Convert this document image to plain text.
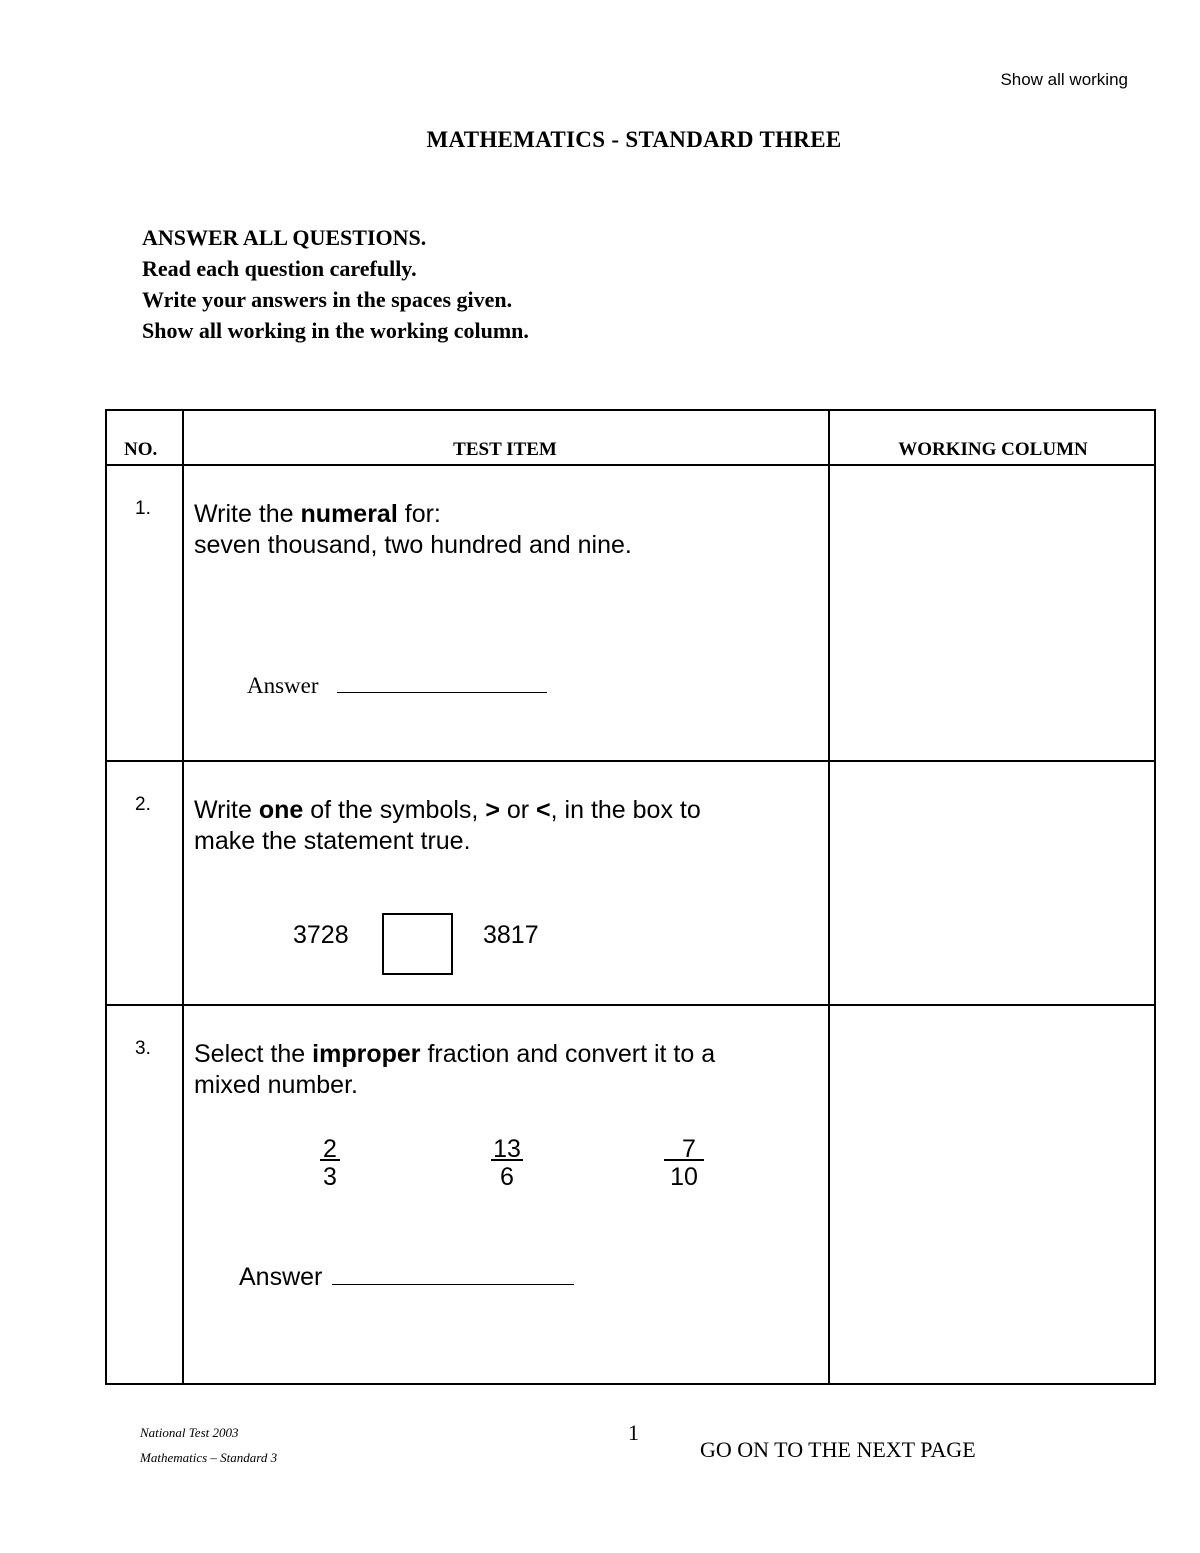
Show all working
MATHEMATICS - STANDARD THREE
ANSWER ALL QUESTIONS.
Read each question carefully.
Write your answers in the spaces given.
Show all working in the working column.
NO.	TEST ITEM	WORKING COLUMN
1. Write the numeral for:
seven thousand, two hundred and nine.
Answer
2. Write one of the symbols, > or <, in the box to
make the statement true.
3728	3817
3. Select the improper fraction and convert it to a
mixed number.
2
3
13
6
7
10
Answer
National Test 2003
Mathematics – Standard 3
1
GO ON TO THE NEXT PAGE
